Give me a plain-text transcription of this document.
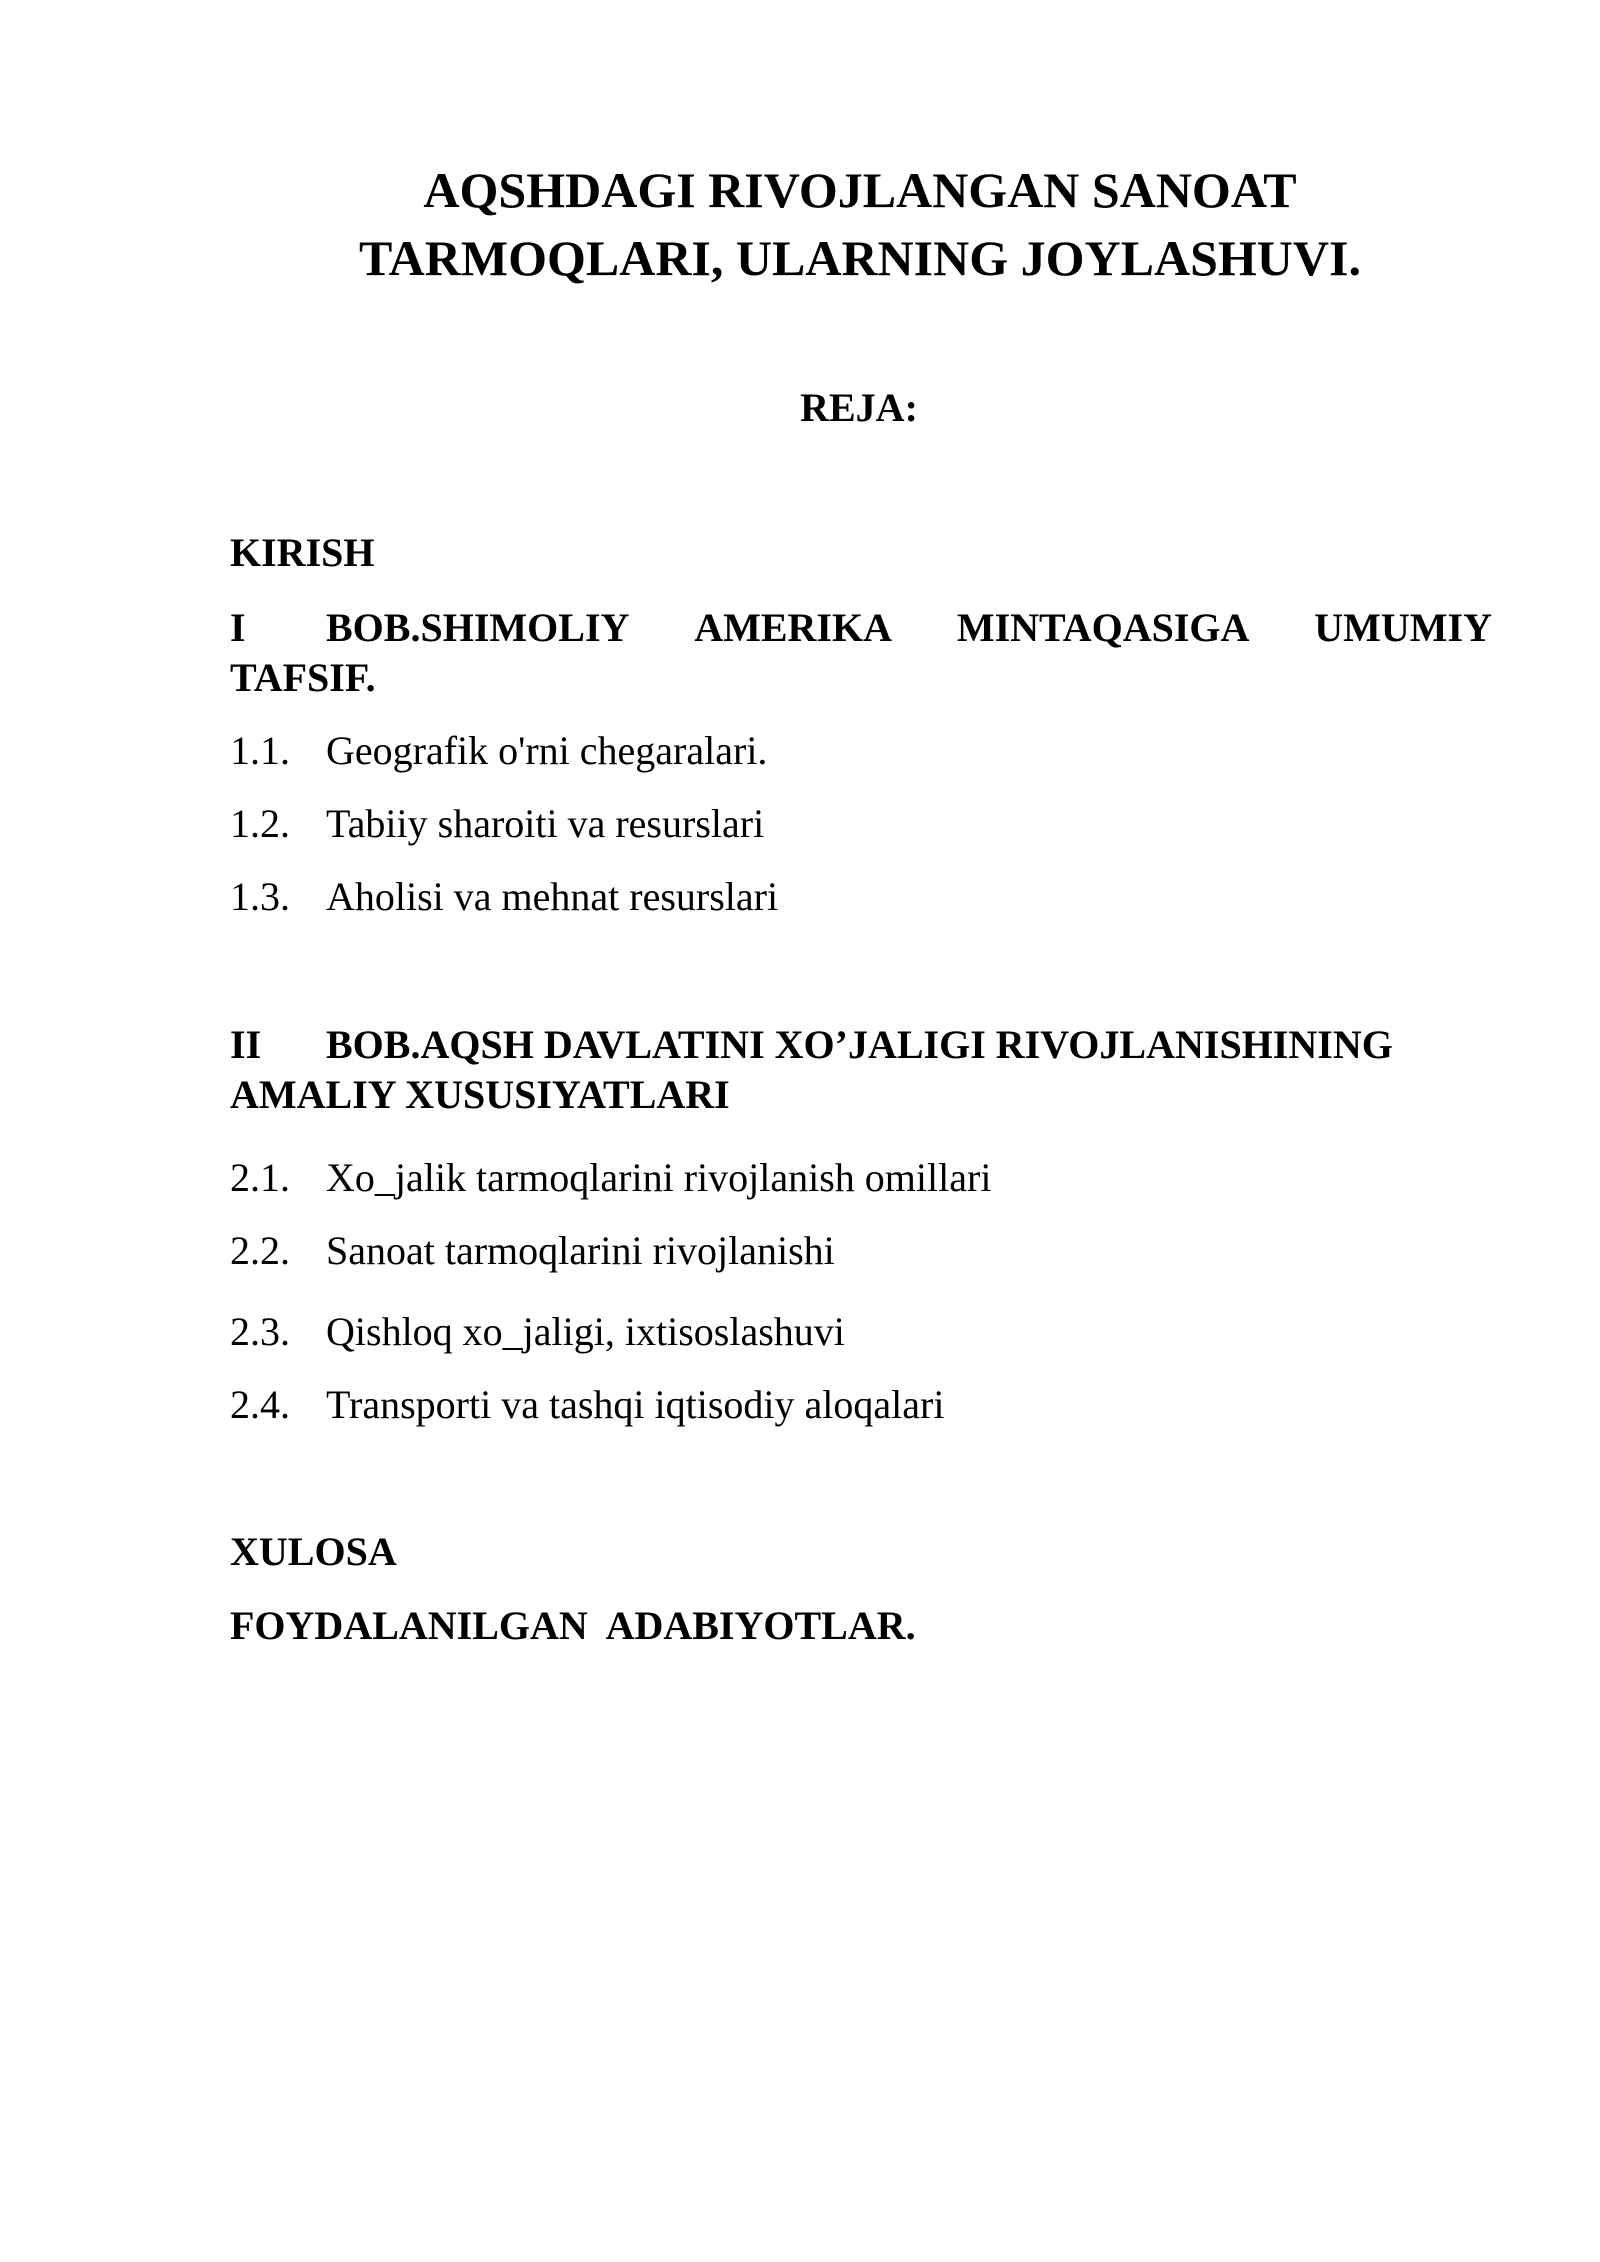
AQSHDAGI RIVOJLANGAN SANOAT
TARMOQLARI, ULARNING JOYLASHUVI.
REJA:

KIRISH

I BOB.SHIMOLIY AMERIKA MINTAQASIGA UMUMIY
TAFSIF.

1.1. Geografik o'rni chegaralari.

1.2. Tabiiy sharoiti va resurslari

1.3. Aholisi va mehnat resurslari

II BOB.AQSH DAVLATINI XO’JALIGI RIVOJLANISHINING
AMALIY XUSUSIYATLARI

2.1. Xo_jalik tarmoqlarini rivojlanish omillari

2.2. Sanoat tarmoqlarini rivojlanishi

2.3. Qishloq xo_jaligi, ixtisoslashuvi

2.4. Transporti va tashqi iqtisodiy aloqalari

XULOSA

FOYDALANILGAN  ADABIYOTLAR.
